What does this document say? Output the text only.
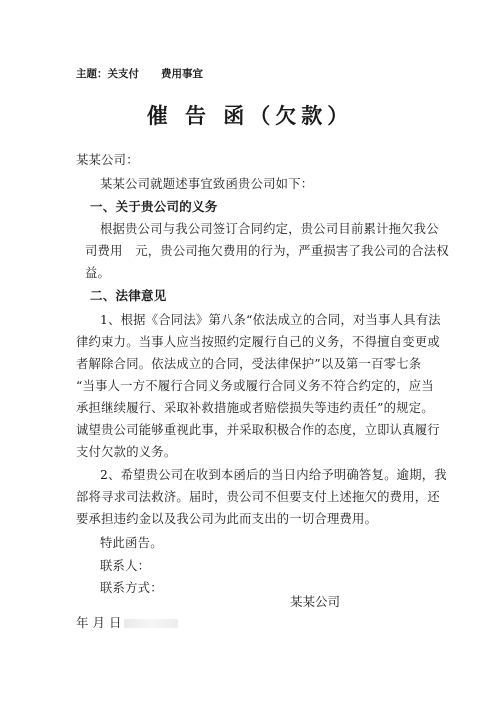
主题：关支付 费用事宜
催 告 函（欠款）
某某公司：
某某公司就题述事宜致函贵公司如下：
一、关于贵公司的义务
根据贵公司与我公司签订合同约定，贵公司目前累计拖欠我公
司费用　元，贵公司拖欠费用的行为，严重损害了我公司的合法权
益。
二、法律意见
1、根据《合同法》第八条“依法成立的合同，对当事人具有法
律约束力。当事人应当按照约定履行自己的义务，不得擅自变更或
者解除合同。依法成立的合同，受法律保护”以及第一百零七条
“当事人一方不履行合同义务或履行合同义务不符合约定的，应当
承担继续履行、采取补救措施或者赔偿损失等违约责任”的规定。
诚望贵公司能够重视此事，并采取积极合作的态度，立即认真履行
支付欠款的义务。
2、希望贵公司在收到本函后的当日内给予明确答复。逾期，我
部将寻求司法救济。届时，贵公司不但要支付上述拖欠的费用，还
要承担违约金以及我公司为此而支出的一切合理费用。
特此函告。
联系人：
联系方式：
某某公司
年 月 日
